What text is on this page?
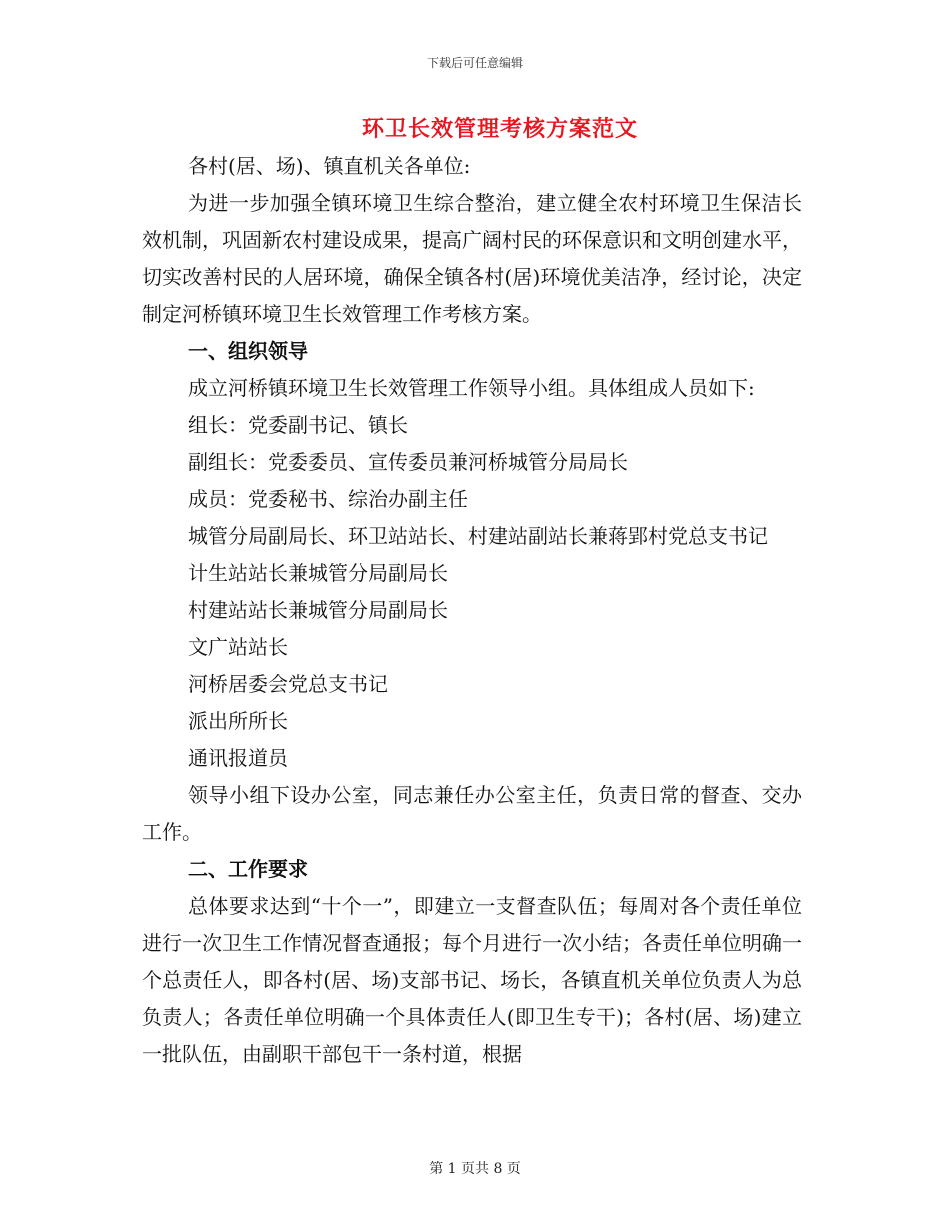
下载后可任意编辑
环卫长效管理考核方案范文

各村(居、场)、镇直机关各单位:

为进一步加强全镇环境卫生综合整治，建立健全农村环境卫生保洁长效机制，巩固新农村建设成果，提高广阔村民的环保意识和文明创建水平，切实改善村民的人居环境，确保全镇各村(居)环境优美洁净，经讨论，决定制定河桥镇环境卫生长效管理工作考核方案。

一、组织领导

成立河桥镇环境卫生长效管理工作领导小组。具体组成人员如下:

组长：党委副书记、镇长

副组长：党委委员、宣传委员兼河桥城管分局局长

成员：党委秘书、综治办副主任

城管分局副局长、环卫站站长、村建站副站长兼蒋郢村党总支书记

计生站站长兼城管分局副局长

村建站站长兼城管分局副局长

文广站站长

河桥居委会党总支书记

派出所所长

通讯报道员

领导小组下设办公室，同志兼任办公室主任，负责日常的督查、交办工作。

二、工作要求

总体要求达到“十个一”，即建立一支督查队伍；每周对各个责任单位进行一次卫生工作情况督查通报；每个月进行一次小结；各责任单位明确一个总责任人，即各村(居、场)支部书记、场长，各镇直机关单位负责人为总负责人；各责任单位明确一个具体责任人(即卫生专干)；各村(居、场)建立一批队伍，由副职干部包干一条村道，根据

第 1 页共 8 页
